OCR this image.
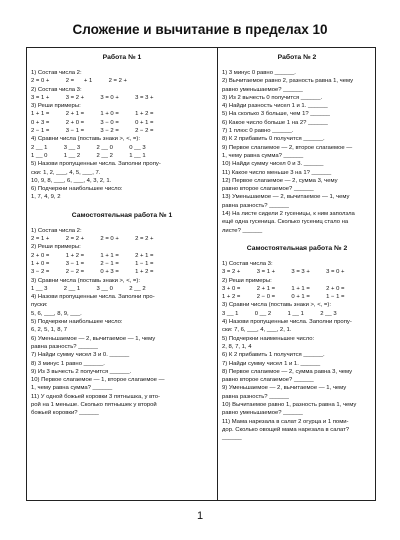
Сложение и вычитание в пределах 10
Работа № 1
1) Состав числа 2:
2 = 0 +          2 =      + 1          2 = 2 +
2) Состав числа 3:
3 = 1 +          3 = 2 +          3 = 0 +          3 = 3 +
3) Реши примеры:
1 + 1 =          2 + 1 =          1 + 0 =          1 + 2 =
0 + 3 =          2 + 0 =          3 − 0 =          0 + 1 =
2 − 1 =          3 − 1 =          3 − 2 =          2 − 2 =
4) Сравни числа (поставь знаки >, <, =):
2 __ 1          3 __ 3          2 __ 0          0 __ 3
1 __ 0          1 __ 2          2 __ 2          1 __ 1
5) Назови пропущенные числа. Заполни пропу-
ски: 1, 2, ___, 4, 5, ___, 7.
10, 9, 8, ___, 6, ___, 4, 3, 2, 1.
6) Подчеркни наибольшее число:
1, 7, 4, 9, 2
Самостоятельная работа № 1
1) Состав числа 2:
2 = 1 +          2 = 2 +          2 = 0 +          2 = 2 +
2) Реши примеры:
2 + 0 =          1 + 2 =          1 + 1 =          2 + 1 =
1 + 0 =          3 − 1 =          2 − 1 =          1 − 1 =
3 − 2 =          2 − 2 =          0 + 3 =          1 + 2 =
3) Сравни числа (поставь знаки >, <, =):
1 __ 3          2 __ 1          3 __ 0          2 __ 2
4) Назови пропущенные числа. Заполни про-
пуски:
5, 6, ___, 8, 9, ___.
5) Подчеркни наибольшее число:
6, 2, 5, 1, 8, 7
6) Уменьшаемое — 2, вычитаемое — 1, чему
равна разность? ______
7) Найди сумму чисел 3 и 0. ______
8) 3 минус 1 равно ______.
9) Из 3 вычесть 2 получится ______.
10) Первое слагаемое — 1, второе слагаемое —
1, чему равна сумма? ______
11) У одной божьей коровки 3 пятнышка, у вто-
рой на 1 меньше. Сколько пятнышек у второй
божьей коровки? ______
Работа № 2
1) 3 минус 0 равно ______.
2) Вычитаемое равно 2, разность равна 1, чему
равно уменьшаемое? ______
3) Из 2 вычесть 0 получится ______.
4) Найди разность чисел 1 и 1. ______
5) На сколько 3 больше, чем 1? ______
6) Какое число больше 1 на 2? ______
7) 1 плюс 0 равно ______.
8) К 2 прибавить 0 получится ______.
9) Первое слагаемое — 2, второе слагаемое —
1, чему равна сумма? ______
10) Найди сумму чисел 0 и 3. ______
11) Какое число меньше 3 на 1? ______
12) Первое слагаемое — 2, сумма 3, чему
равно второе слагаемое? ______
13) Уменьшаемое — 2, вычитаемое — 1, чему
равна разность? ______
14) На листе сидели 2 гусеницы, к ним заползла
ещё одна гусеница. Сколько гусениц стало на
листе? ______
Самостоятельная работа № 2
1) Состав числа 3:
3 = 2 +          3 = 1 +          3 = 3 +          3 = 0 +
2) Реши примеры:
3 + 0 =          2 + 1 =          1 + 1 =          2 + 0 =
1 + 2 =          2 − 0 =          0 + 1 =          1 − 1 =
3) Сравни числа (поставь знаки >, <, =):
3 __ 1          0 __ 2          1 __ 1          2 __ 3
4) Назови пропущенные числа. Заполни пропу-
ски: 7, 6, ___, 4, ___, 2, 1.
5) Подчеркни наименьшее число:
2, 8, 7, 1, 4
6) К 2 прибавить 1 получится ______.
7) Найди сумму чисел 1 и 1. ______
8) Первое слагаемое — 2, сумма равна 3, чему
равно второе слагаемое? ______
9) Уменьшаемое — 2, вычитаемое — 1, чему
равна разность? ______
10) Вычитаемое равно 1, разность равна 1, чему
равно уменьшаемое? ______
11) Мама нарезала в салат 2 огурца и 1 поми-
дор. Сколько овощей мама нарезала в салат?
______
1
